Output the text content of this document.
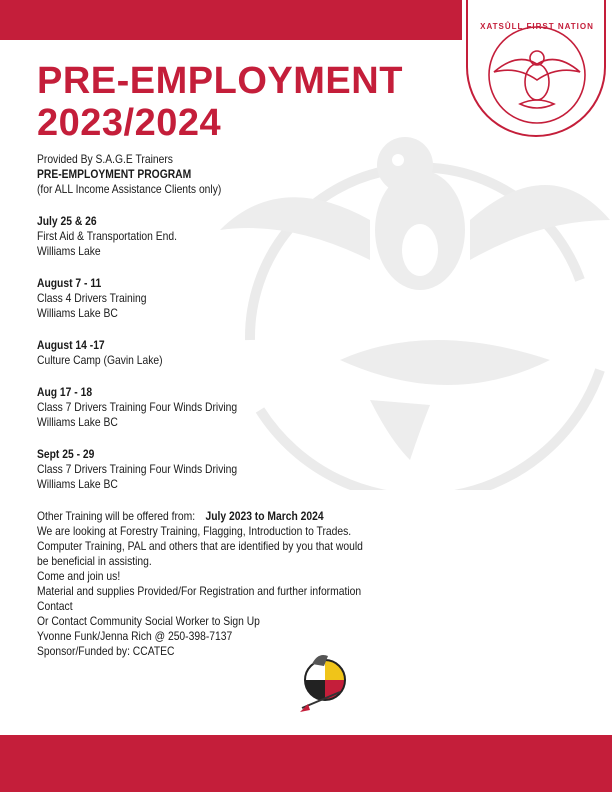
XATSÛLL FIRST NATION
PRE-EMPLOYMENT
2023/2024
Provided By S.A.G.E Trainers
PRE-EMPLOYMENT PROGRAM
(for ALL Income Assistance Clients only)
July 25 & 26
First Aid & Transportation End.
Williams Lake
August 7 - 11
Class 4 Drivers Training
Williams Lake BC
August 14 -17
Culture Camp (Gavin Lake)
Aug 17 - 18
Class 7 Drivers Training Four Winds Driving
Williams Lake BC
Sept 25 - 29
Class 7 Drivers Training Four Winds Driving
Williams Lake BC
Other Training will be offered from: July 2023 to March 2024
We are looking at Forestry Training, Flagging, Introduction to Trades.
Computer Training, PAL and others that are identified by you that would
be beneficial in assisting.
Come and join us!
Material and supplies Provided/For Registration and further information
Contact
Or Contact Community Social Worker to Sign Up
Yvonne Funk/Jenna Rich @ 250-398-7137
Sponsor/Funded by: CCATEC
